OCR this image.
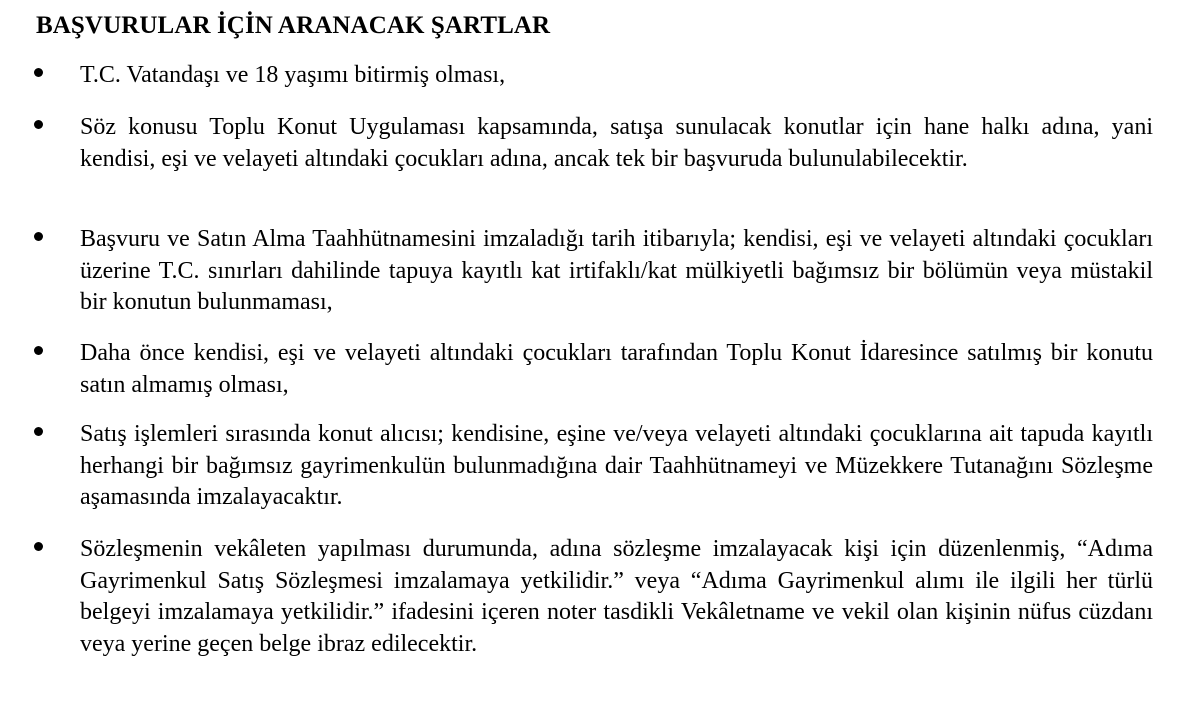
BAŞVURULAR İÇİN ARANACAK ŞARTLAR

T.C. Vatandaşı ve 18 yaşımı bitirmiş olması,

Söz konusu Toplu Konut Uygulaması kapsamında, satışa sunulacak konutlar için hane halkı adına, yani kendisi, eşi ve velayeti altındaki çocukları adına, ancak tek bir başvuruda bulunulabilecektir.

Başvuru ve Satın Alma Taahhütnamesini imzaladığı tarih itibarıyla; kendisi, eşi ve velayeti altındaki çocukları üzerine T.C. sınırları dahilinde tapuya kayıtlı kat irtifaklı/kat mülkiyetli bağımsız bir bölümün veya müstakil bir konutun bulunmaması,

Daha önce kendisi, eşi ve velayeti altındaki çocukları tarafından Toplu Konut İdaresince satılmış bir konutu satın almamış olması,

Satış işlemleri sırasında konut alıcısı; kendisine, eşine ve/veya velayeti altındaki çocuklarına ait tapuda kayıtlı herhangi bir bağımsız gayrimenkulün bulunmadığına dair Taahhütnameyi ve Müzekkere Tutanağını Sözleşme aşamasında imzalayacaktır.

Sözleşmenin vekâleten yapılması durumunda, adına sözleşme imzalayacak kişi için düzenlenmiş, “Adıma Gayrimenkul Satış Sözleşmesi imzalamaya yetkilidir.” veya “Adıma Gayrimenkul alımı ile ilgili her türlü belgeyi imzalamaya yetkilidir.” ifadesini içeren noter tasdikli Vekâletname ve vekil olan kişinin nüfus cüzdanı veya yerine geçen belge ibraz edilecektir.
